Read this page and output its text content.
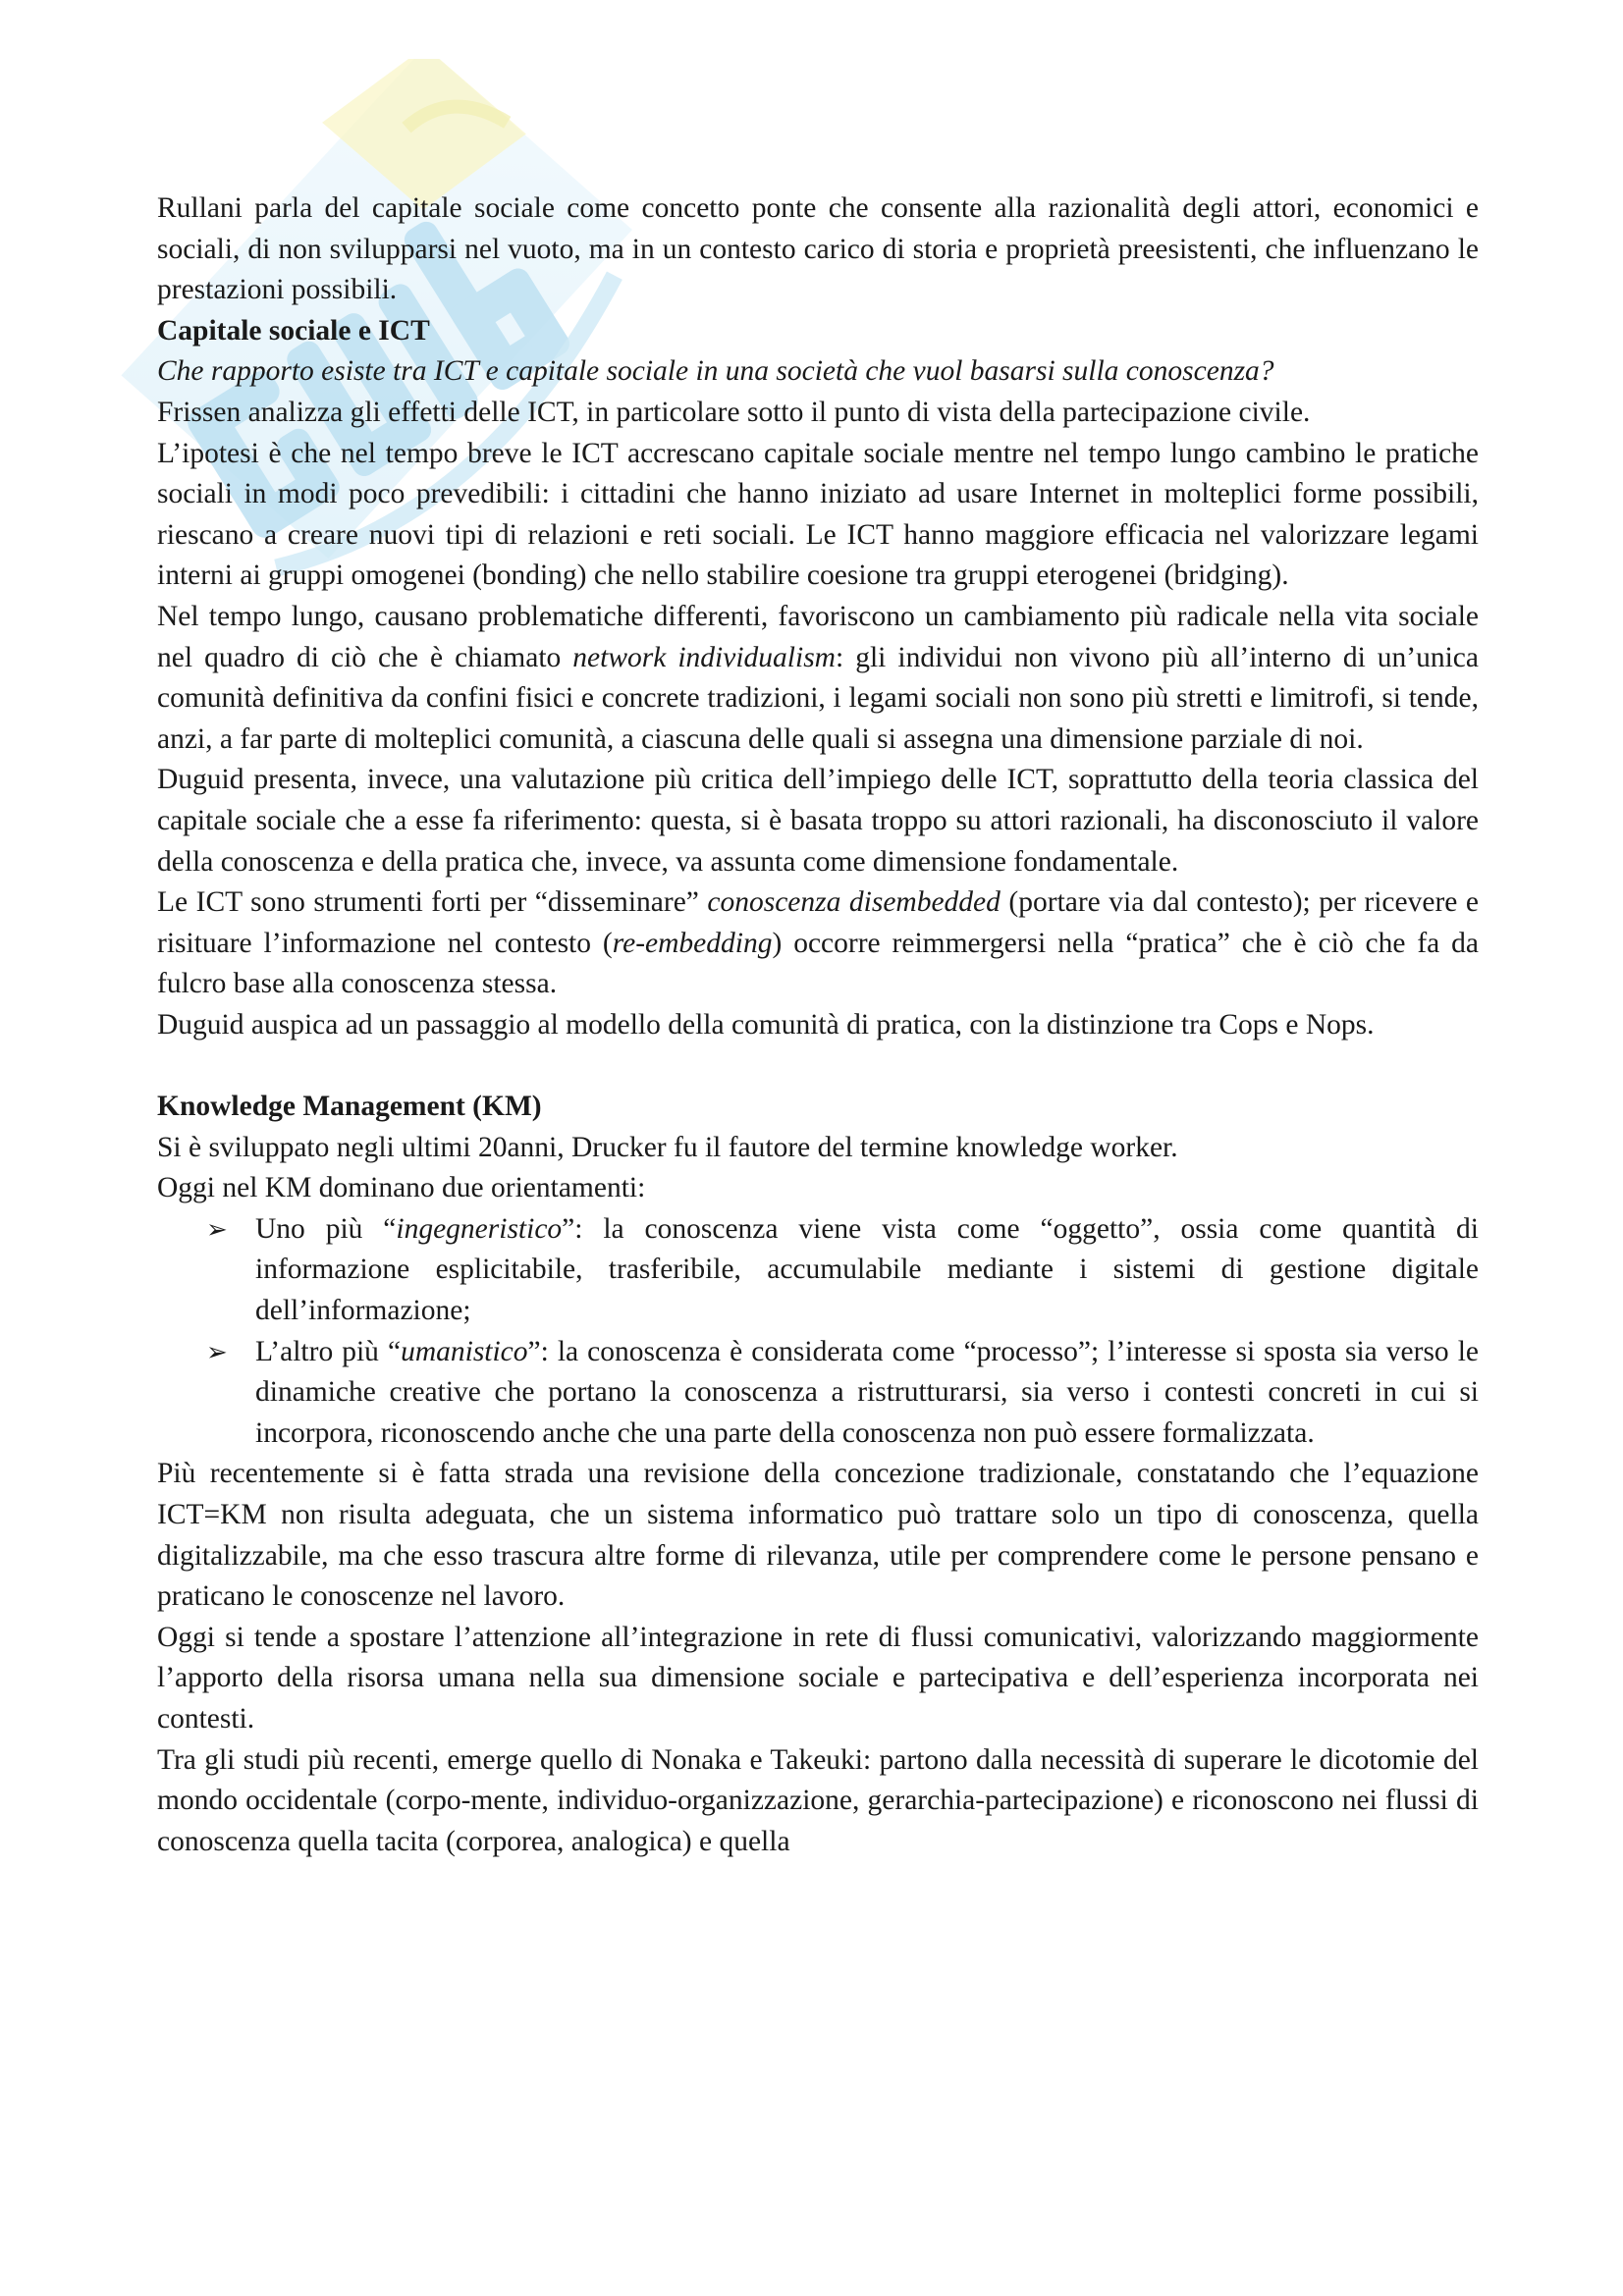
Rullani parla del capitale sociale come concetto ponte che consente alla razionalità degli attori, economici e sociali, di non svilupparsi nel vuoto, ma in un contesto carico di storia e proprietà preesistenti, che influenzano le prestazioni possibili.

Capitale sociale e ICT

Che rapporto esiste tra ICT e capitale sociale in una società che vuol basarsi sulla conoscenza?

Frissen analizza gli effetti delle ICT, in particolare sotto il punto di vista della partecipazione civile.

L’ipotesi è che nel tempo breve le ICT accrescano capitale sociale mentre nel tempo lungo cambino le pratiche sociali in modi poco prevedibili: i cittadini che hanno iniziato ad usare Internet in molteplici forme possibili, riescano a creare nuovi tipi di relazioni e reti sociali. Le ICT hanno maggiore efficacia nel valorizzare legami interni ai gruppi omogenei (bonding) che nello stabilire coesione tra gruppi eterogenei (bridging).

Nel tempo lungo, causano problematiche differenti, favoriscono un cambiamento più radicale nella vita sociale nel quadro di ciò che è chiamato network individualism: gli individui non vivono più all’interno di un’unica comunità definitiva da confini fisici e concrete tradizioni, i legami sociali non sono più stretti e limitrofi, si tende, anzi, a far parte di molteplici comunità, a ciascuna delle quali si assegna una dimensione parziale di noi.

Duguid presenta, invece, una valutazione più critica dell’impiego delle ICT, soprattutto della teoria classica del capitale sociale che a esse fa riferimento: questa, si è basata troppo su attori razionali, ha disconosciuto il valore della conoscenza e della pratica che, invece, va assunta come dimensione fondamentale.

Le ICT sono strumenti forti per “disseminare” conoscenza disembedded (portare via dal contesto); per ricevere e risituare l’informazione nel contesto (re-embedding) occorre reimmergersi nella “pratica” che è ciò che fa da fulcro base alla conoscenza stessa.

Duguid auspica ad un passaggio al modello della comunità di pratica, con la distinzione tra Cops e Nops.

Knowledge Management (KM)

Si è sviluppato negli ultimi 20anni, Drucker fu il fautore del termine knowledge worker.

Oggi nel KM dominano due orientamenti:

➢ Uno più “ingegneristico”: la conoscenza viene vista come “oggetto”, ossia come quantità di informazione esplicitabile, trasferibile, accumulabile mediante i sistemi di gestione digitale dell’informazione;
➢ L’altro più “umanistico”: la conoscenza è considerata come “processo”; l’interesse si sposta sia verso le dinamiche creative che portano la conoscenza a ristrutturarsi, sia verso i contesti concreti in cui si incorpora, riconoscendo anche che una parte della conoscenza non può essere formalizzata.

Più recentemente si è fatta strada una revisione della concezione tradizionale, constatando che l’equazione ICT=KM non risulta adeguata, che un sistema informatico può trattare solo un tipo di conoscenza, quella digitalizzabile, ma che esso trascura altre forme di rilevanza, utile per comprendere come le persone pensano e praticano le conoscenze nel lavoro.

Oggi si tende a spostare l’attenzione all’integrazione in rete di flussi comunicativi, valorizzando maggiormente l’apporto della risorsa umana nella sua dimensione sociale e partecipativa e dell’esperienza incorporata nei contesti.

Tra gli studi più recenti, emerge quello di Nonaka e Takeuki: partono dalla necessità di superare le dicotomie del mondo occidentale (corpo-mente, individuo-organizzazione, gerarchia-partecipazione) e riconoscono nei flussi di conoscenza quella tacita (corporea, analogica) e quella
